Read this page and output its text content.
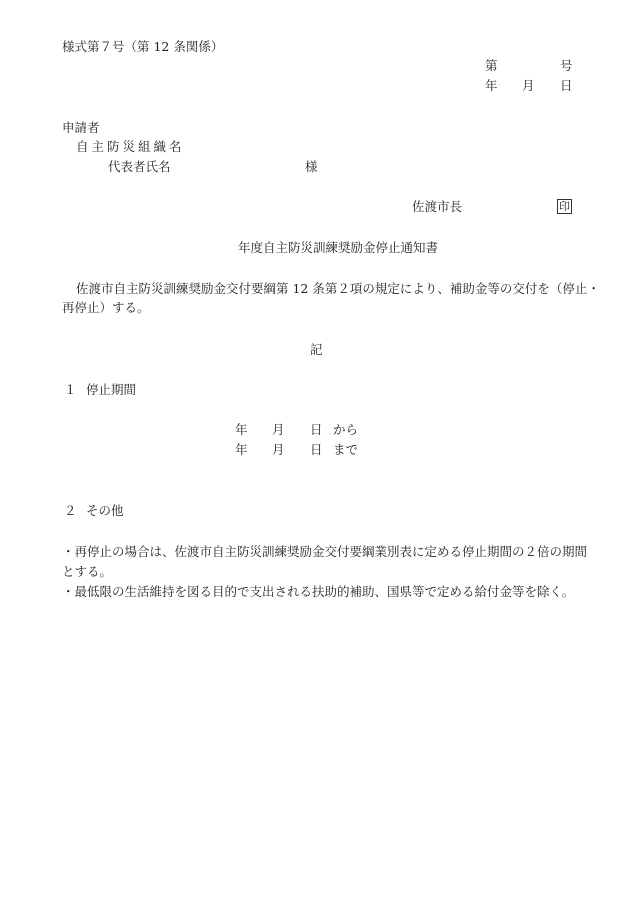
様式第７号（第 12 条関係）
第	号
年 月 日
申請者
自主防災組織名
代表者氏名	様
佐渡市長	印
年度自主防災訓練奨励金停止通知書
佐渡市自主防災訓練奨励金交付要綱第 12 条第２項の規定により、補助金等の交付を（停止・
再停止）する。
記
１ 停止期間
年 月 日 から
年 月 日 まで
２ その他
・再停止の場合は、佐渡市自主防災訓練奨励金交付要綱業別表に定める停止期間の２倍の期間
とする。
・最低限の生活維持を図る目的で支出される扶助的補助、国県等で定める給付金等を除く。
